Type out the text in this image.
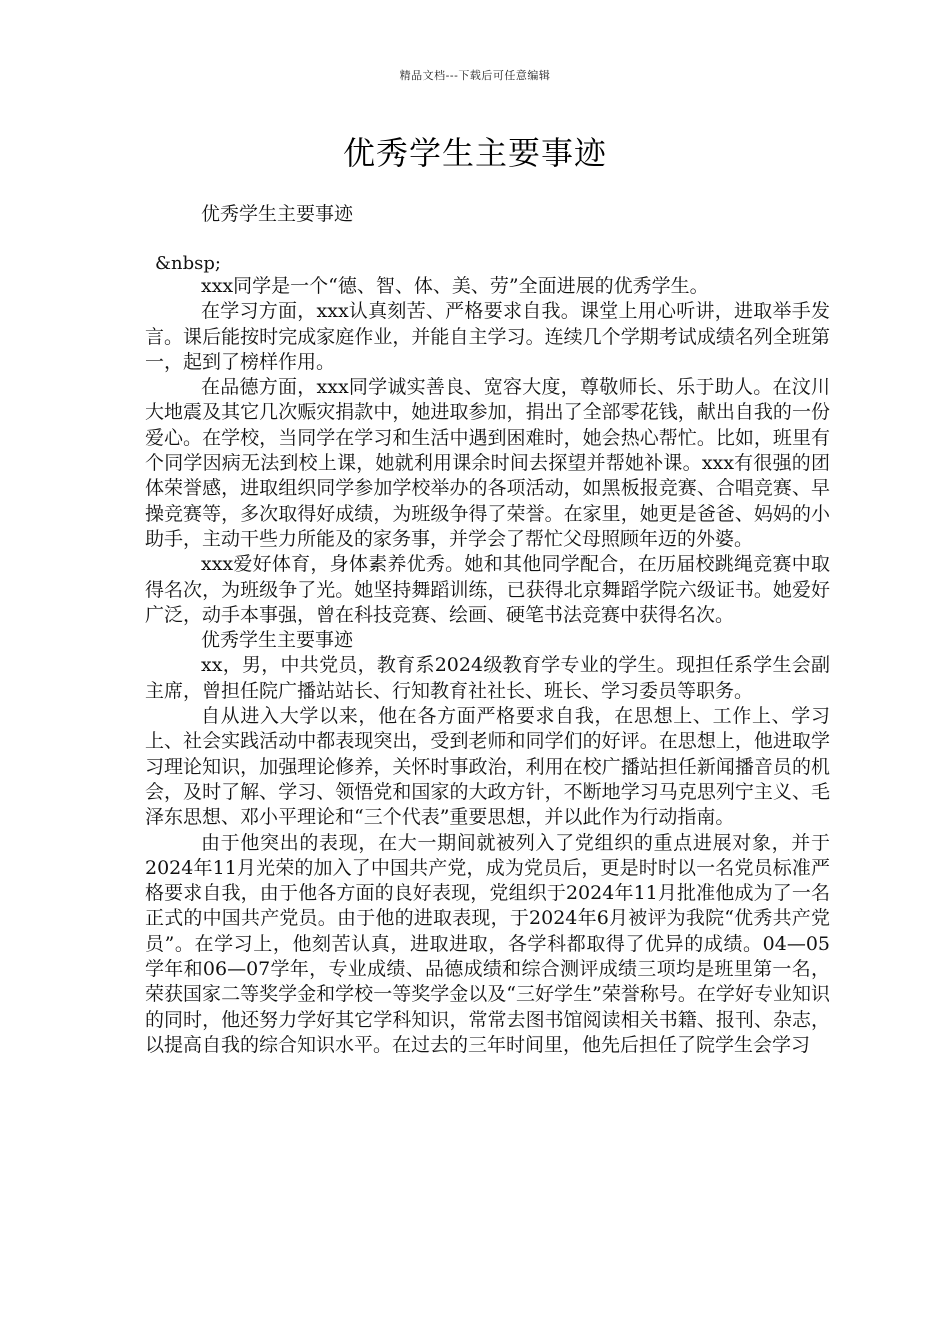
精品文档---下载后可任意编辑
优秀学生主要事迹
优秀学生主要事迹
&nbsp;

xxx同学是一个“德、智、体、美、劳”全面进展的优秀学生。

在学习方面，xxx认真刻苦、严格要求自我。课堂上用心听讲，进取举手发言。课后能按时完成家庭作业，并能自主学习。连续几个学期考试成绩名列全班第一，起到了榜样作用。

在品德方面，xxx同学诚实善良、宽容大度，尊敬师长、乐于助人。在汶川大地震及其它几次赈灾捐款中，她进取参加，捐出了全部零花钱，献出自我的一份爱心。在学校，当同学在学习和生活中遇到困难时，她会热心帮忙。比如，班里有个同学因病无法到校上课，她就利用课余时间去探望并帮她补课。xxx有很强的团体荣誉感，进取组织同学参加学校举办的各项活动，如黑板报竞赛、合唱竞赛、早操竞赛等，多次取得好成绩，为班级争得了荣誉。在家里，她更是爸爸、妈妈的小助手，主动干些力所能及的家务事，并学会了帮忙父母照顾年迈的外婆。

xxx爱好体育，身体素养优秀。她和其他同学配合，在历届校跳绳竞赛中取得名次，为班级争了光。她坚持舞蹈训练，已获得北京舞蹈学院六级证书。她爱好广泛，动手本事强，曾在科技竞赛、绘画、硬笔书法竞赛中获得名次。

优秀学生主要事迹

xx，男，中共党员，教育系2024级教育学专业的学生。现担任系学生会副主席，曾担任院广播站站长、行知教育社社长、班长、学习委员等职务。

自从进入大学以来，他在各方面严格要求自我，在思想上、工作上、学习上、社会实践活动中都表现突出，受到老师和同学们的好评。在思想上，他进取学习理论知识，加强理论修养，关怀时事政治，利用在校广播站担任新闻播音员的机会，及时了解、学习、领悟党和国家的大政方针，不断地学习马克思列宁主义、毛泽东思想、邓小平理论和“三个代表”重要思想，并以此作为行动指南。

由于他突出的表现，在大一期间就被列入了党组织的重点进展对象，并于2024年11月光荣的加入了中国共产党，成为党员后，更是时时以一名党员标准严格要求自我，由于他各方面的良好表现，党组织于2024年11月批准他成为了一名正式的中国共产党员。由于他的进取表现，于2024年6月被评为我院“优秀共产党员”。在学习上，他刻苦认真，进取进取，各学科都取得了优异的成绩。04—05学年和06—07学年，专业成绩、品德成绩和综合测评成绩三项均是班里第一名，荣获国家二等奖学金和学校一等奖学金以及“三好学生”荣誉称号。在学好专业知识的同时，他还努力学好其它学科知识，常常去图书馆阅读相关书籍、报刊、杂志，以提高自我的综合知识水平。在过去的三年时间里，他先后担任了院学生会学习
